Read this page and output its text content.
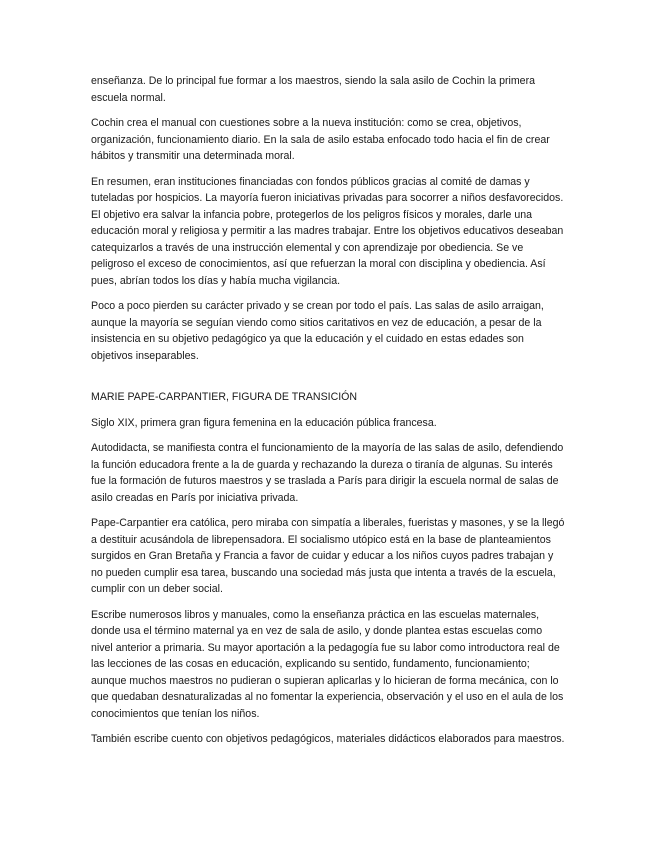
enseñanza. De lo principal fue formar a los maestros, siendo la sala asilo de Cochin la primera escuela normal.

Cochin crea el manual con cuestiones sobre a la nueva institución: como se crea, objetivos, organización, funcionamiento diario. En la sala de asilo estaba enfocado todo hacia el fin de crear hábitos y transmitir una determinada moral.

En resumen, eran instituciones financiadas con fondos públicos gracias al comité de damas y tuteladas por hospicios. La mayoría fueron iniciativas privadas para socorrer a niños desfavorecidos. El objetivo era salvar la infancia pobre, protegerlos de los peligros físicos y morales, darle una educación moral y religiosa y permitir a las madres trabajar. Entre los objetivos educativos deseaban catequizarlos a través de una instrucción elemental y con aprendizaje por obediencia. Se ve peligroso el exceso de conocimientos, así que refuerzan la moral con disciplina y obediencia. Así pues, abrían todos los días y había mucha vigilancia.

Poco a poco pierden su carácter privado y se crean por todo el país. Las salas de asilo arraigan, aunque la mayoría se seguían viendo como sitios caritativos en vez de educación, a pesar de la insistencia en su objetivo pedagógico ya que la educación y el cuidado en estas edades son objetivos inseparables.

MARIE PAPE-CARPANTIER, FIGURA DE TRANSICIÓN

Siglo XIX, primera gran figura femenina en la educación pública francesa.

Autodidacta, se manifiesta contra el funcionamiento de la mayoría de las salas de asilo, defendiendo la función educadora frente a la de guarda y rechazando la dureza o tiranía de algunas. Su interés fue la formación de futuros maestros y se traslada a París para dirigir la escuela normal de salas de asilo creadas en París por iniciativa privada.

Pape-Carpantier era católica, pero miraba con simpatía a liberales, fueristas y masones, y se la llegó a destituir acusándola de librepensadora. El socialismo utópico está en la base de planteamientos surgidos en Gran Bretaña y Francia a favor de cuidar y educar a los niños cuyos padres trabajan y no pueden cumplir esa tarea, buscando una sociedad más justa que intenta a través de la escuela, cumplir con un deber social.

Escribe numerosos libros y manuales, como la enseñanza práctica en las escuelas maternales, donde usa el término maternal ya en vez de sala de asilo, y donde plantea estas escuelas como nivel anterior a primaria. Su mayor aportación a la pedagogía fue su labor como introductora real de las lecciones de las cosas en educación, explicando su sentido, fundamento, funcionamiento; aunque muchos maestros no pudieran o supieran aplicarlas y lo hicieran de forma mecánica, con lo que quedaban desnaturalizadas al no fomentar la experiencia, observación y el uso en el aula de los conocimientos que tenían los niños.

También escribe cuento con objetivos pedagógicos, materiales didácticos elaborados para maestros.
